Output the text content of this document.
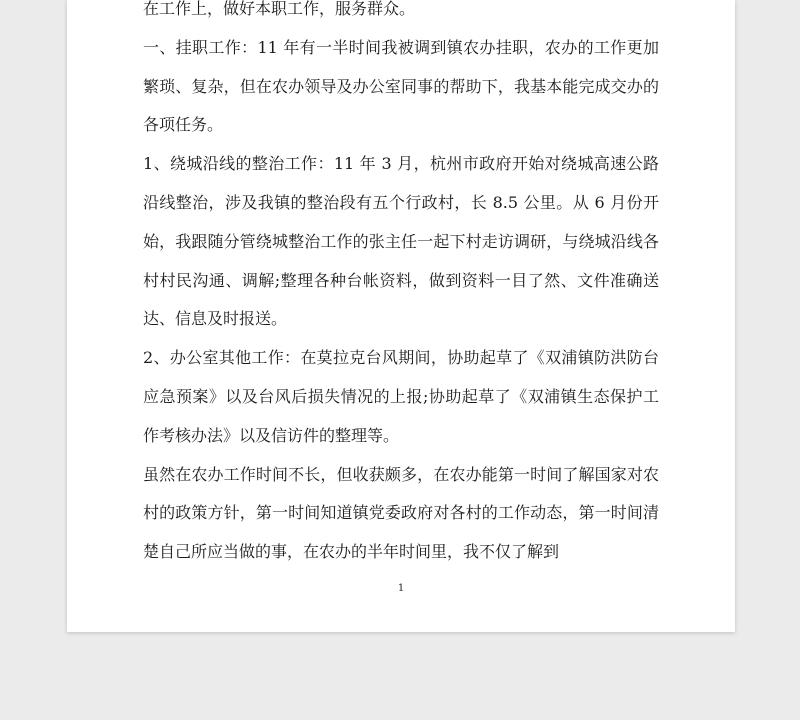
在工作上，做好本职工作，服务群众。

一、挂职工作：11 年有一半时间我被调到镇农办挂职，农办的工作更加繁琐、复杂，但在农办领导及办公室同事的帮助下，我基本能完成交办的各项任务。

1、绕城沿线的整治工作：11 年 3 月，杭州市政府开始对绕城高速公路沿线整治，涉及我镇的整治段有五个行政村，长 8.5 公里。从 6 月份开始，我跟随分管绕城整治工作的张主任一起下村走访调研，与绕城沿线各村村民沟通、调解;整理各种台帐资料，做到资料一目了然、文件准确送达、信息及时报送。

2、办公室其他工作：在莫拉克台风期间，协助起草了《双浦镇防洪防台应急预案》以及台风后损失情况的上报;协助起草了《双浦镇生态保护工作考核办法》以及信访件的整理等。

虽然在农办工作时间不长，但收获颇多，在农办能第一时间了解国家对农村的政策方针，第一时间知道镇党委政府对各村的工作动态，第一时间清楚自己所应当做的事，在农办的半年时间里，我不仅了解到

1
